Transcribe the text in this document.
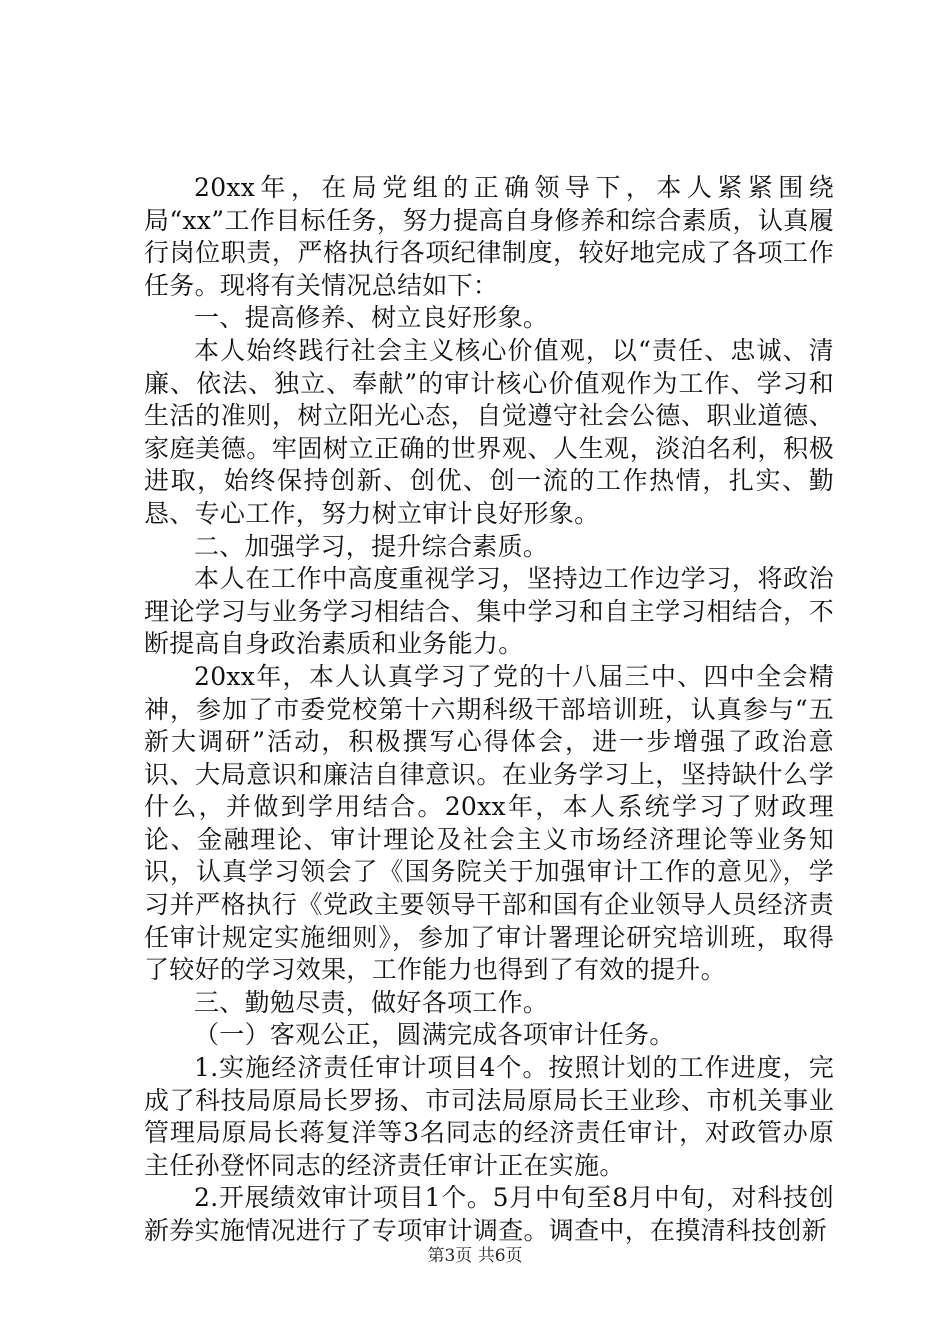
20xx年，在局党组的正确领导下，本人紧紧围绕局“xx”工作目标任务，努力提高自身修养和综合素质，认真履行岗位职责，严格执行各项纪律制度，较好地完成了各项工作任务。现将有关情况总结如下：

一、提高修养、树立良好形象。

本人始终践行社会主义核心价值观，以“责任、忠诚、清廉、依法、独立、奉献”的审计核心价值观作为工作、学习和生活的准则，树立阳光心态，自觉遵守社会公德、职业道德、家庭美德。牢固树立正确的世界观、人生观，淡泊名利，积极进取，始终保持创新、创优、创一流的工作热情，扎实、勤恳、专心工作，努力树立审计良好形象。

二、加强学习，提升综合素质。

本人在工作中高度重视学习，坚持边工作边学习，将政治理论学习与业务学习相结合、集中学习和自主学习相结合，不断提高自身政治素质和业务能力。

20xx年，本人认真学习了党的十八届三中、四中全会精神，参加了市委党校第十六期科级干部培训班，认真参与“五新大调研”活动，积极撰写心得体会，进一步增强了政治意识、大局意识和廉洁自律意识。在业务学习上，坚持缺什么学什么，并做到学用结合。20xx年，本人系统学习了财政理论、金融理论、审计理论及社会主义市场经济理论等业务知识，认真学习领会了《国务院关于加强审计工作的意见》，学习并严格执行《党政主要领导干部和国有企业领导人员经济责任审计规定实施细则》，参加了审计署理论研究培训班，取得了较好的学习效果，工作能力也得到了有效的提升。

三、勤勉尽责，做好各项工作。

（一）客观公正，圆满完成各项审计任务。

1.实施经济责任审计项目4个。按照计划的工作进度，完成了科技局原局长罗扬、市司法局原局长王业珍、市机关事业管理局原局长蒋复洋等3名同志的经济责任审计，对政管办原主任孙登怀同志的经济责任审计正在实施。

2.开展绩效审计项目1个。5月中旬至8月中旬，对科技创新券实施情况进行了专项审计调查。调查中，在摸清科技创新

第3页 共6页
